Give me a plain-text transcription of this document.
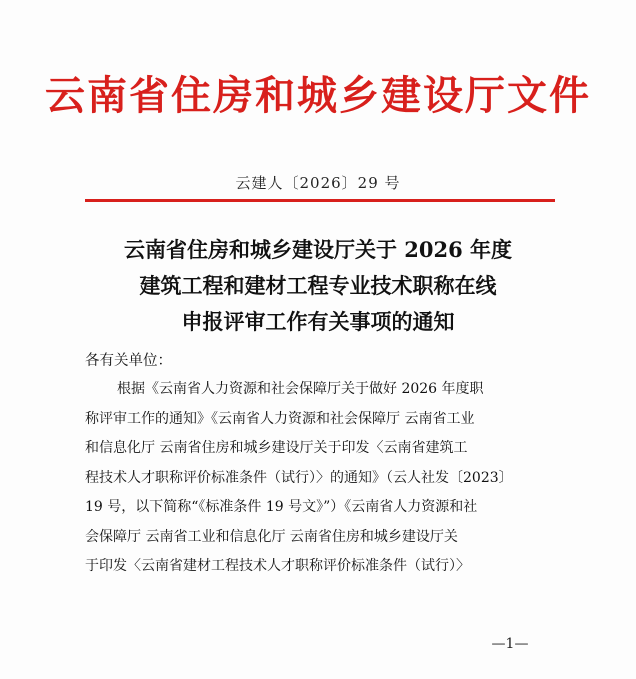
云南省住房和城乡建设厅文件
云建人〔2026〕29 号
云南省住房和城乡建设厅关于 2026 年度
建筑工程和建材工程专业技术职称在线
申报评审工作有关事项的通知
各有关单位：
根据《云南省人力资源和社会保障厅关于做好 2026 年度职
称评审工作的通知》《云南省人力资源和社会保障厅 云南省工业
和信息化厅 云南省住房和城乡建设厅关于印发〈云南省建筑工
程技术人才职称评价标准条件（试行）〉的通知》（云人社发〔2023〕
19 号，以下简称“《标准条件 19 号文》”）《云南省人力资源和社
会保障厅 云南省工业和信息化厅 云南省住房和城乡建设厅关
于印发〈云南省建材工程技术人才职称评价标准条件（试行）〉
—1—
